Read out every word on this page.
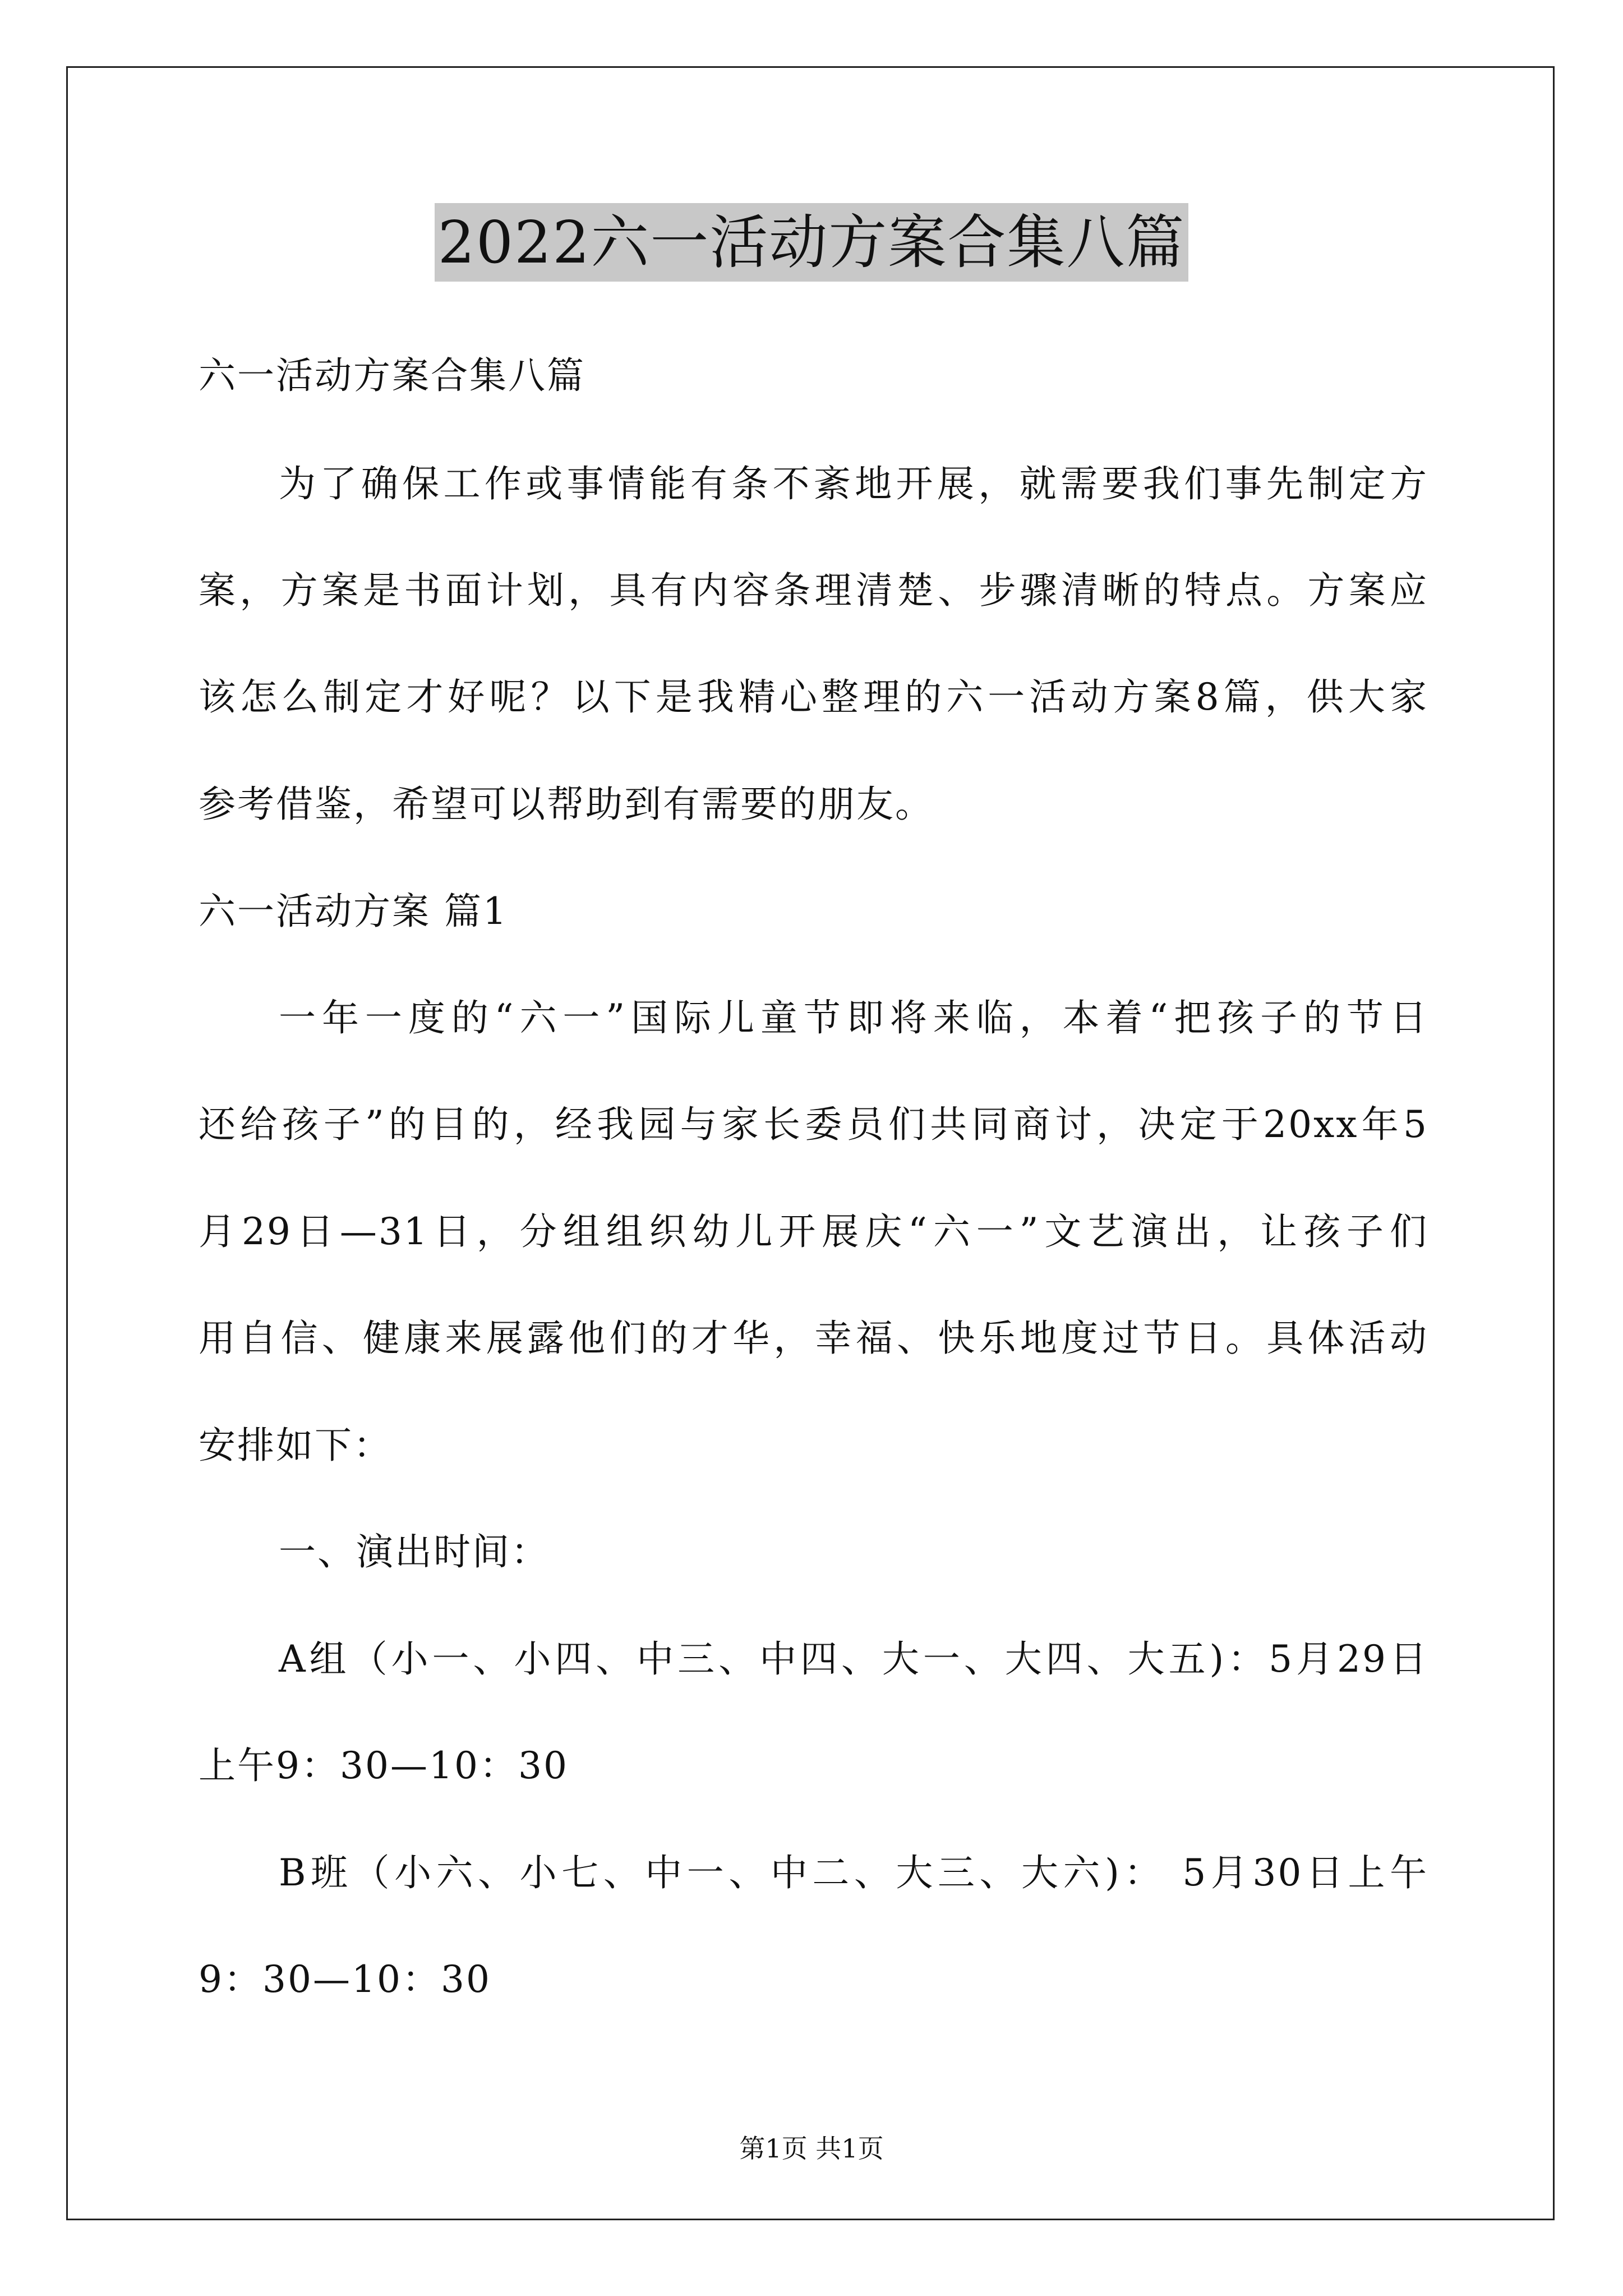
2022六一活动方案合集八篇
六一活动方案合集八篇
为了确保工作或事情能有条不紊地开展，就需要我们事先制定方
案，方案是书面计划，具有内容条理清楚、步骤清晰的特点。方案应
该怎么制定才好呢？以下是我精心整理的六一活动方案8篇，供大家
参考借鉴，希望可以帮助到有需要的朋友。
六一活动方案 篇1
一年一度的“六一”国际儿童节即将来临，本着“把孩子的节日
还给孩子”的目的，经我园与家长委员们共同商讨，决定于20xx年5
月29日—31日，分组组织幼儿开展庆“六一”文艺演出，让孩子们
用自信、健康来展露他们的才华，幸福、快乐地度过节日。具体活动
安排如下：
一、演出时间：
A组（小一、小四、中三、中四、大一、大四、大五)：5月29日
上午9：30—10：30
B班（小六、小七、中一、中二、大三、大六)： 5月30日上午
9：30—10：30
第1页 共1页
